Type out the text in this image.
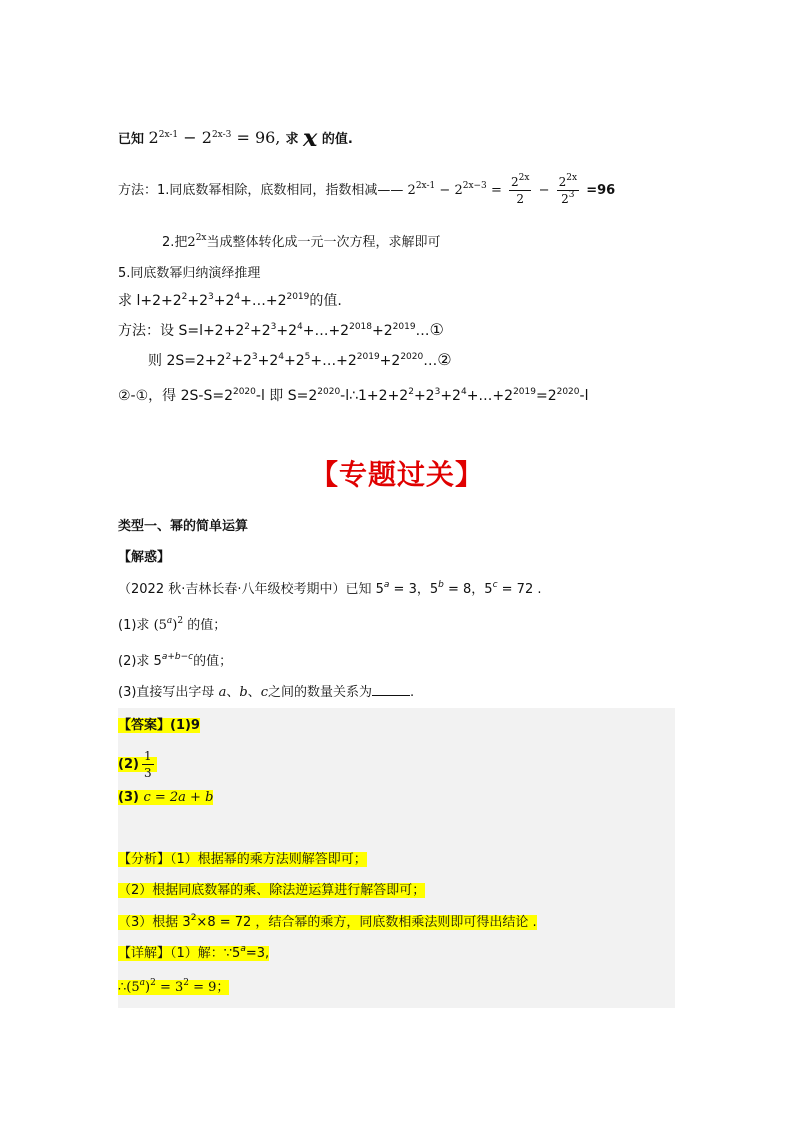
已知 $2^{2x-1} - 2^{2x-3} = 96$, 求 x 的值.
方法：1.同底数幂相除，底数相同，指数相减—— $2^{2x-1} - 2^{2x-3} = \frac{2^{2x}}{2} - \frac{2^{2x}}{2^3} =96$
2.把$2^{2x}$当成整体转化成一元一次方程，求解即可
5.同底数幂归纳演绎推理
求 $l+2+2^2+2^3+2^4+\dots+2^{2019}$的值.
方法：设 $S=l+2+2^2+2^3+2^4+\dots+2^{2018}+2^{2019}\dots ①$
则 $2S=2+2^2+2^3+2^4+2^5+\dots+2^{2019}+2^{2020}\dots ②$
②-①，得 $2S-S=2^{2020}-l$ 即 $S=2^{2020}-l\therefore 1+2+2^2+2^3+2^4+\dots+2^{2019}=2^{2020}-l$
【专题过关】
类型一、幂的简单运算
【解惑】
（2022 秋·吉林长春·八年级校考期中）已知 $5^a = 3$，$5^b = 8$，$5^c = 72$ .
(1)求 $(5^a)^2$ 的值；
(2)求 $5^{a+b-c}$的值；
(3)直接写出字母 a、b、c之间的数量关系为	.
【答案】(1)9
$(2) \frac{1}{3}$
(3) c = 2a + b
【分析】（1）根据幂的乘方法则解答即可；
（2）根据同底数幂的乘、除法逆运算进行解答即可；
（3）根据 $3^2\times 8 = 72$ ，结合幂的乘方，同底数相乘法则即可得出结论 .
【详解】（1）解：$\because 5^a=3$,
$\therefore(5^a)^2 = 3^2 = 9$；
